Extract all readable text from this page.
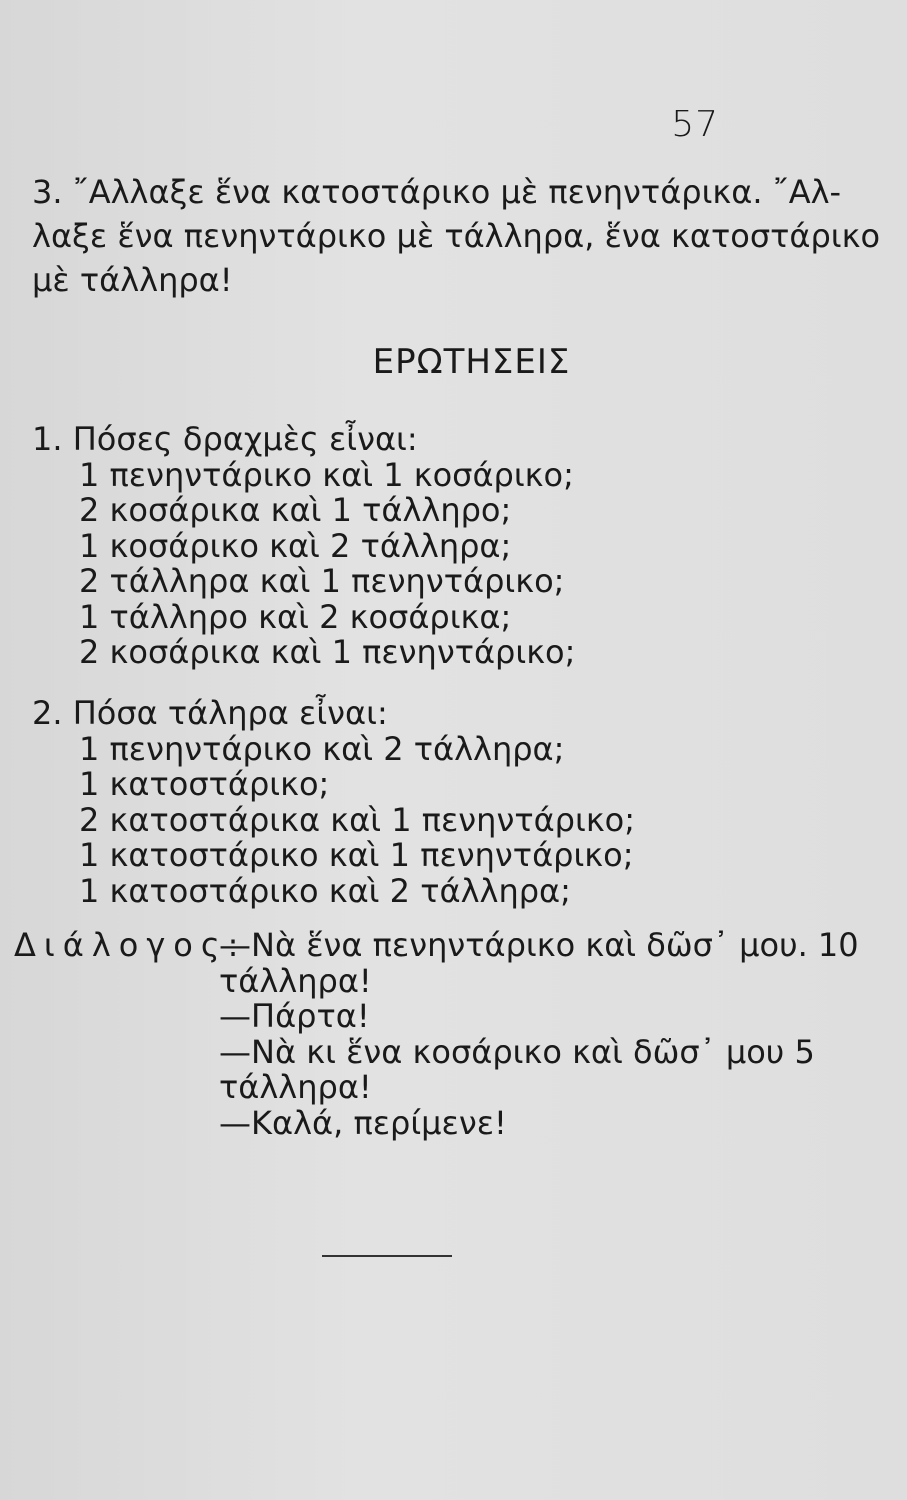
57
3. ῎Αλλαξε ἕνα κατοστάρικο μὲ πενηντάρικα. ῎Αλ-
λαξε ἕνα πενηντάρικο μὲ τάλληρα, ἕνα κατοστάρικο
μὲ τάλληρα!
ΕΡΩΤΗΣΕΙΣ
1. Πόσες δραχμὲς εἶναι:
1 πενηντάρικο καὶ 1 κοσάρικο;
2 κοσάρικα καὶ 1 τάλληρο;
1 κοσάρικο καὶ 2 τάλληρα;
2 τάλληρα καὶ 1 πενηντάρικο;
1 τάλληρο καὶ 2 κοσάρικα;
2 κοσάρικα καὶ 1 πενηντάρικο;
2. Πόσα τάληρα εἶναι:
1 πενηντάρικο καὶ 2 τάλληρα;
1 κατοστάρικο;
2 κατοστάρικα καὶ 1 πενηντάρικο;
1 κατοστάρικο καὶ 1 πενηντάρικο;
1 κατοστάρικο καὶ 2 τάλληρα;
Διάλογος:—Νὰ ἕνα πενηντάρικο καὶ δῶσ᾽ μου. 10
τάλληρα!
—Πάρτα!
—Νὰ κι ἕνα κοσάρικο καὶ δῶσ᾽ μου 5
τάλληρα!
—Καλά, περίμενε!
